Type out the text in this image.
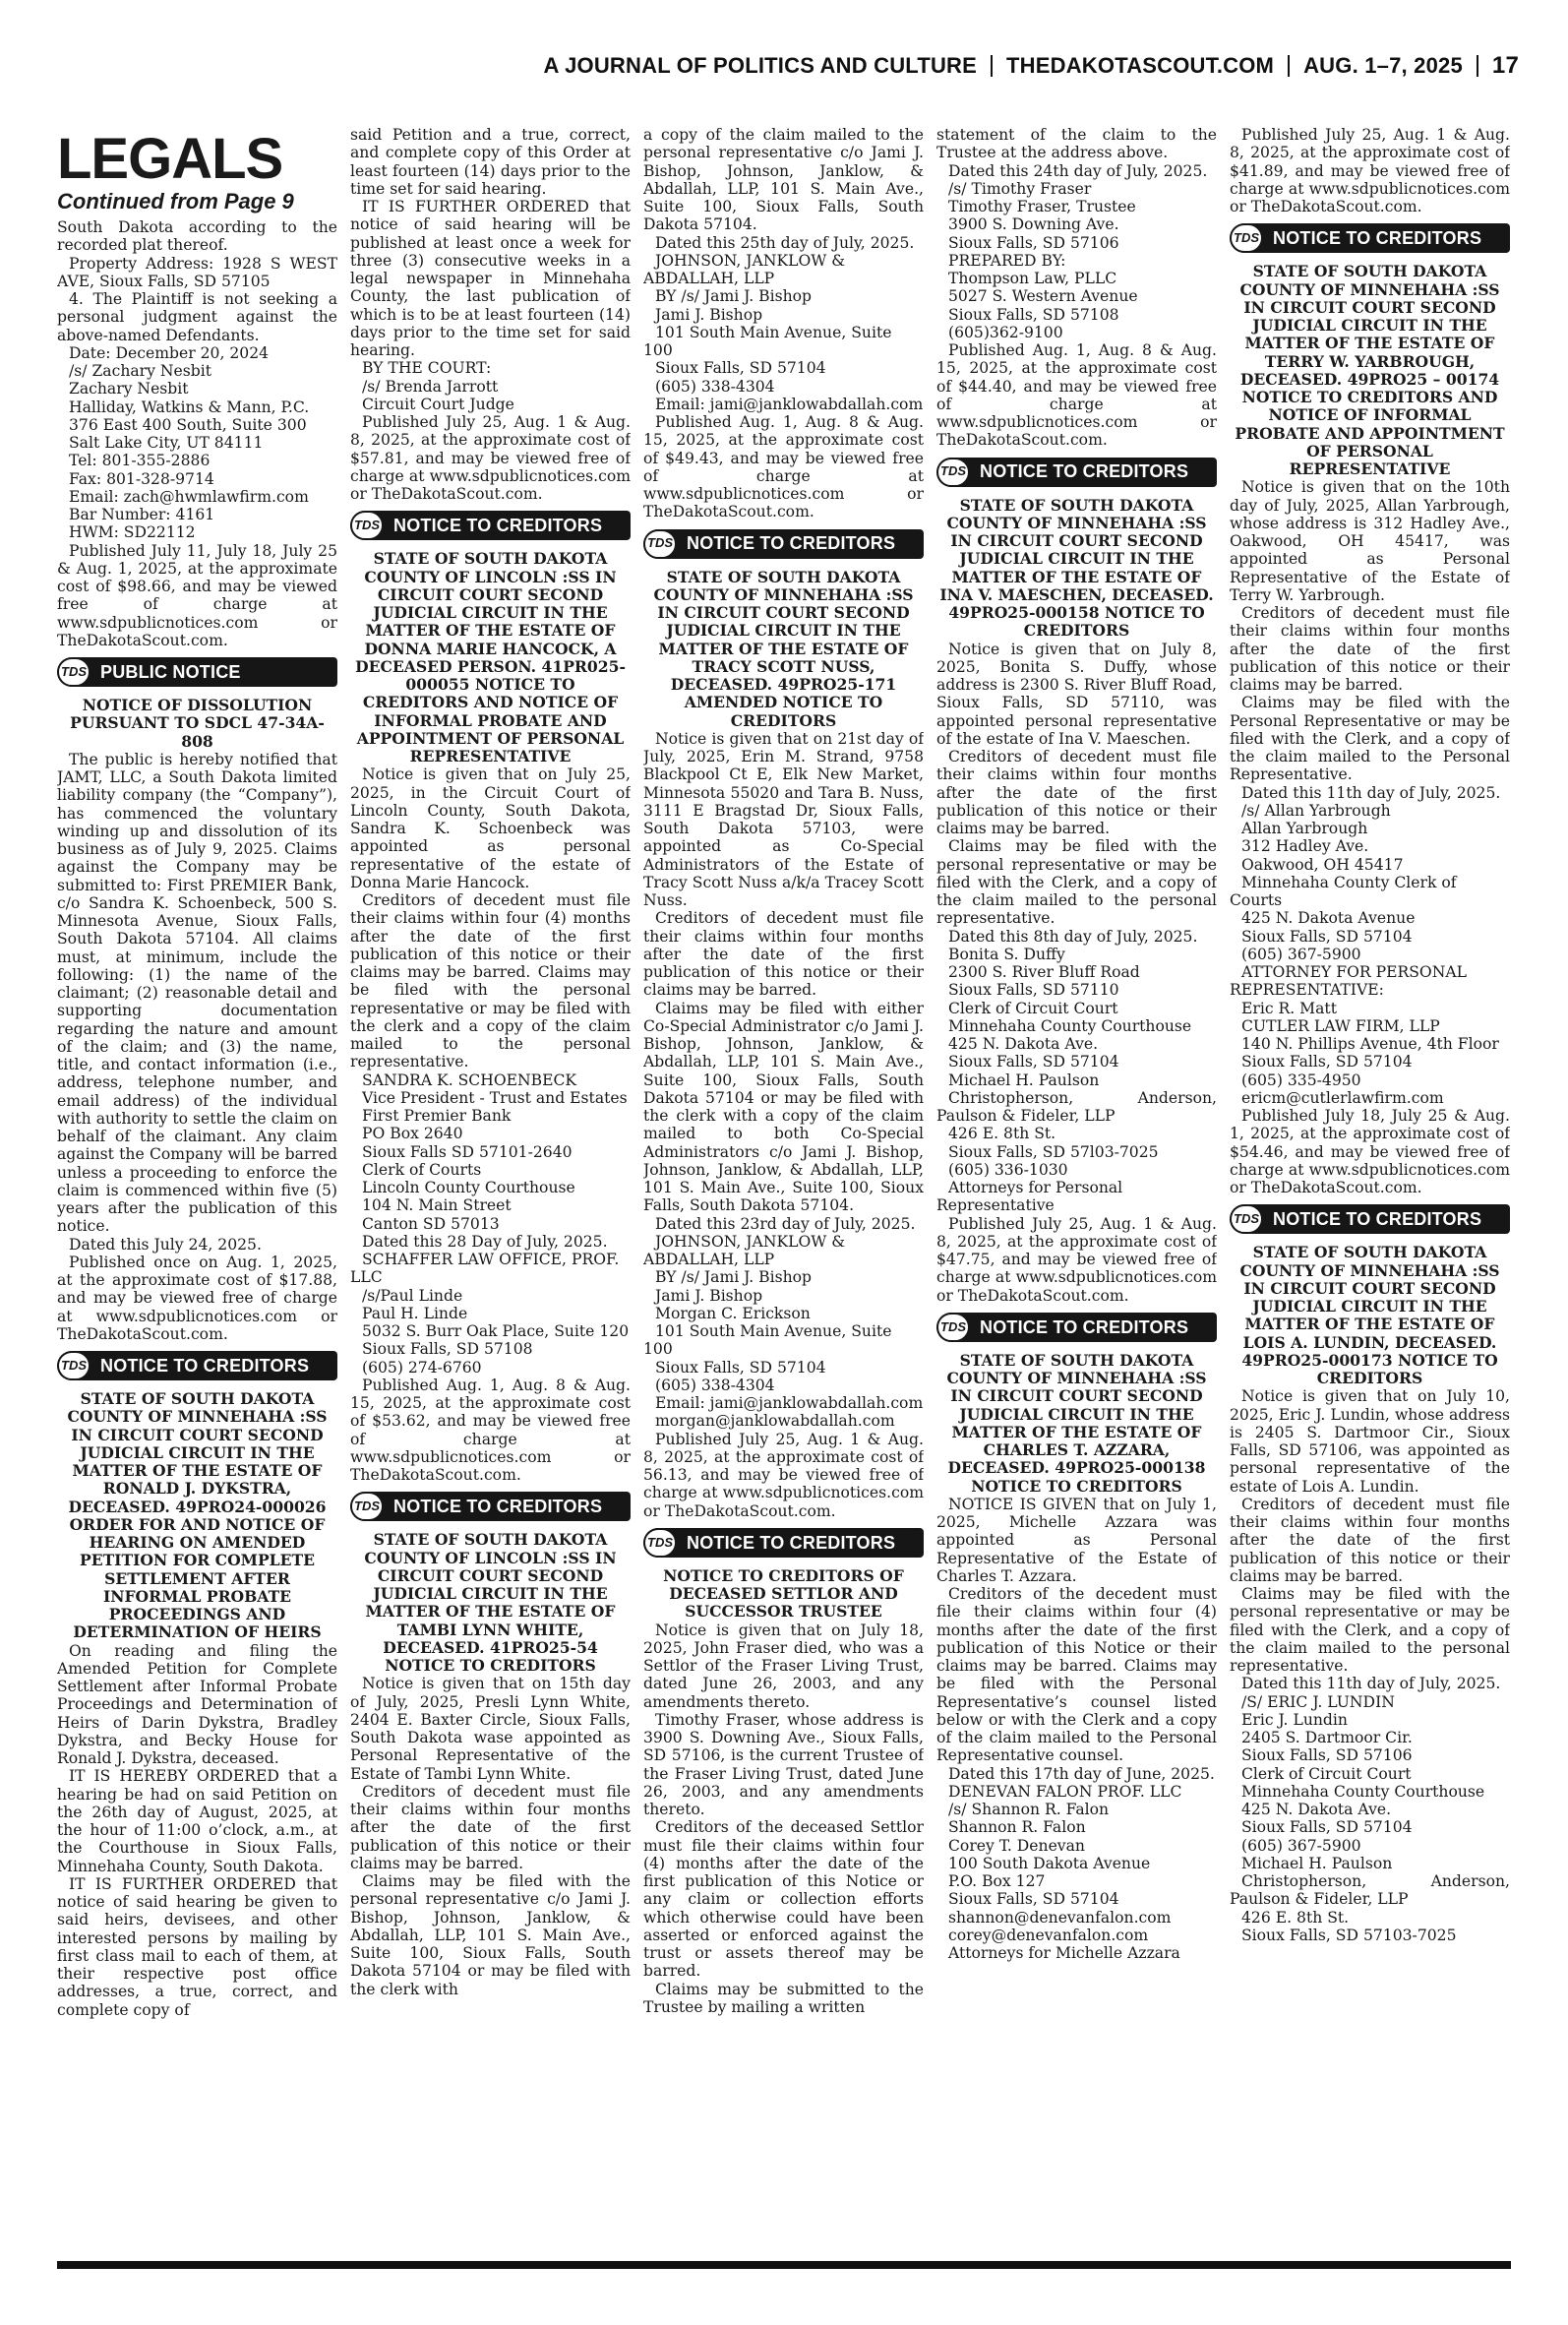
A JOURNAL OF POLITICS AND CULTURE THEDAKOTASCOUT.COM AUG. 1–7, 2025 17
LEGALS
Continued from Page 9

South Dakota according to the recorded plat thereof.

Property Address: 1928 S WEST AVE, Sioux Falls, SD 57105

4. The Plaintiff is not seeking a personal judgment against the above-named Defendants.

Date: December 20, 2024

/s/ Zachary Nesbit

Zachary Nesbit

Halliday, Watkins & Mann, P.C.

376 East 400 South, Suite 300

Salt Lake City, UT 84111

Tel: 801-355-2886

Fax: 801-328-9714

Email: zach@hwmlawfirm.com

Bar Number: 4161

HWM: SD22112

Published July 11, July 18, July 25 & Aug. 1, 2025, at the approximate cost of $98.66, and may be viewed free of charge at www.sdpublicnotices.com or TheDakotaScout.com.

TDS PUBLIC NOTICE

NOTICE OF DISSOLUTION PURSUANT TO SDCL 47-34A-808

The public is hereby notified that JAMT, LLC, a South Dakota limited liability company (the “Company”), has commenced the voluntary winding up and dissolution of its business as of July 9, 2025. Claims against the Company may be submitted to: First PREMIER Bank, c/o Sandra K. Schoenbeck, 500 S. Minnesota Avenue, Sioux Falls, South Dakota 57104. All claims must, at minimum, include the following: (1) the name of the claimant; (2) reasonable detail and supporting documentation regarding the nature and amount of the claim; and (3) the name, title, and contact information (i.e., address, telephone number, and email address) of the individual with authority to settle the claim on behalf of the claimant. Any claim against the Company will be barred unless a proceeding to enforce the claim is commenced within five (5) years after the publication of this notice.

Dated this July 24, 2025.

Published once on Aug. 1, 2025, at the approximate cost of $17.88, and may be viewed free of charge at www.sdpublicnotices.com or TheDakotaScout.com.

TDS NOTICE TO CREDITORS

STATE OF SOUTH DAKOTA COUNTY OF MINNEHAHA :SS IN CIRCUIT COURT SECOND JUDICIAL CIRCUIT IN THE MATTER OF THE ESTATE OF RONALD J. DYKSTRA, DECEASED. 49PRO24-000026 ORDER FOR AND NOTICE OF HEARING ON AMENDED PETITION FOR COMPLETE SETTLEMENT AFTER INFORMAL PROBATE PROCEEDINGS AND DETERMINATION OF HEIRS

On reading and filing the Amended Petition for Complete Settlement after Informal Probate Proceedings and Determination of Heirs of Darin Dykstra, Bradley Dykstra, and Becky House for Ronald J. Dykstra, deceased.

IT IS HEREBY ORDERED that a hearing be had on said Petition on the 26th day of August, 2025, at the hour of 11:00 o’clock, a.m., at the Courthouse in Sioux Falls, Minnehaha County, South Dakota.

IT IS FURTHER ORDERED that notice of said hearing be given to said heirs, devisees, and other interested persons by mailing by first class mail to each of them, at their respective post office addresses, a true, correct, and complete copy of

said Petition and a true, correct, and complete copy of this Order at least fourteen (14) days prior to the time set for said hearing.

IT IS FURTHER ORDERED that notice of said hearing will be published at least once a week for three (3) consecutive weeks in a legal newspaper in Minnehaha County, the last publication of which is to be at least fourteen (14) days prior to the time set for said hearing.

BY THE COURT:

/s/ Brenda Jarrott

Circuit Court Judge

Published July 25, Aug. 1 & Aug. 8, 2025, at the approximate cost of $57.81, and may be viewed free of charge at www.sdpublicnotices.com or TheDakotaScout.com.

TDS NOTICE TO CREDITORS

STATE OF SOUTH DAKOTA COUNTY OF LINCOLN :SS IN CIRCUIT COURT SECOND JUDICIAL CIRCUIT IN THE MATTER OF THE ESTATE OF DONNA MARIE HANCOCK, A DECEASED PERSON. 41PR025-000055 NOTICE TO CREDITORS AND NOTICE OF INFORMAL PROBATE AND APPOINTMENT OF PERSONAL REPRESENTATIVE

Notice is given that on July 25, 2025, in the Circuit Court of Lincoln County, South Dakota, Sandra K. Schoenbeck was appointed as personal representative of the estate of Donna Marie Hancock.

Creditors of decedent must file their claims within four (4) months after the date of the first publication of this notice or their claims may be barred. Claims may be filed with the personal representative or may be filed with the clerk and a copy of the claim mailed to the personal representative.

SANDRA K. SCHOENBECK

Vice President - Trust and Estates

First Premier Bank

PO Box 2640

Sioux Falls SD 57101-2640

Clerk of Courts

Lincoln County Courthouse

104 N. Main Street

Canton SD 57013

Dated this 28 Day of July, 2025.

SCHAFFER LAW OFFICE, PROF. LLC

/s/Paul Linde

Paul H. Linde

5032 S. Burr Oak Place, Suite 120

Sioux Falls, SD 57108

(605) 274-6760

Published Aug. 1, Aug. 8 & Aug. 15, 2025, at the approximate cost of $53.62, and may be viewed free of charge at www.sdpublicnotices.com or TheDakotaScout.com.

TDS NOTICE TO CREDITORS

STATE OF SOUTH DAKOTA COUNTY OF LINCOLN :SS IN CIRCUIT COURT SECOND JUDICIAL CIRCUIT IN THE MATTER OF THE ESTATE OF TAMBI LYNN WHITE, DECEASED. 41PRO25-54 NOTICE TO CREDITORS

Notice is given that on 15th day of July, 2025, Presli Lynn White, 2404 E. Baxter Circle, Sioux Falls, South Dakota wase appointed as Personal Representative of the Estate of Tambi Lynn White.

Creditors of decedent must file their claims within four months after the date of the first publication of this notice or their claims may be barred.

Claims may be filed with the personal representative c/o Jami J. Bishop, Johnson, Janklow, & Abdallah, LLP, 101 S. Main Ave., Suite 100, Sioux Falls, South Dakota 57104 or may be filed with the clerk with

a copy of the claim mailed to the personal representative c/o Jami J. Bishop, Johnson, Janklow, & Abdallah, LLP, 101 S. Main Ave., Suite 100, Sioux Falls, South Dakota 57104.

Dated this 25th day of July, 2025.

JOHNSON, JANKLOW & ABDALLAH, LLP

BY /s/ Jami J. Bishop

Jami J. Bishop

101 South Main Avenue, Suite 100

Sioux Falls, SD 57104

(605) 338-4304

Email: jami@janklowabdallah.com

Published Aug. 1, Aug. 8 & Aug. 15, 2025, at the approximate cost of $49.43, and may be viewed free of charge at www.sdpublicnotices.com or TheDakotaScout.com.

TDS NOTICE TO CREDITORS

STATE OF SOUTH DAKOTA COUNTY OF MINNEHAHA :SS IN CIRCUIT COURT SECOND JUDICIAL CIRCUIT IN THE MATTER OF THE ESTATE OF TRACY SCOTT NUSS, DECEASED. 49PRO25-171 AMENDED NOTICE TO CREDITORS

Notice is given that on 21st day of July, 2025, Erin M. Strand, 9758 Blackpool Ct E, Elk New Market, Minnesota 55020 and Tara B. Nuss, 3111 E Bragstad Dr, Sioux Falls, South Dakota 57103, were appointed as Co-Special Administrators of the Estate of Tracy Scott Nuss a/k/a Tracey Scott Nuss.

Creditors of decedent must file their claims within four months after the date of the first publication of this notice or their claims may be barred.

Claims may be filed with either Co-Special Administrator c/o Jami J. Bishop, Johnson, Janklow, & Abdallah, LLP, 101 S. Main Ave., Suite 100, Sioux Falls, South Dakota 57104 or may be filed with the clerk with a copy of the claim mailed to both Co-Special Administrators c/o Jami J. Bishop, Johnson, Janklow, & Abdallah, LLP, 101 S. Main Ave., Suite 100, Sioux Falls, South Dakota 57104.

Dated this 23rd day of July, 2025.

JOHNSON, JANKLOW & ABDALLAH, LLP

BY /s/ Jami J. Bishop

Jami J. Bishop

Morgan C. Erickson

101 South Main Avenue, Suite 100

Sioux Falls, SD 57104

(605) 338-4304

Email: jami@janklowabdallah.com

morgan@janklowabdallah.com

Published July 25, Aug. 1 & Aug. 8, 2025, at the approximate cost of 56.13, and may be viewed free of charge at www.sdpublicnotices.com or TheDakotaScout.com.

TDS NOTICE TO CREDITORS

NOTICE TO CREDITORS OF DECEASED SETTLOR AND SUCCESSOR TRUSTEE

Notice is given that on July 18, 2025, John Fraser died, who was a Settlor of the Fraser Living Trust, dated June 26, 2003, and any amendments thereto.

Timothy Fraser, whose address is 3900 S. Downing Ave., Sioux Falls, SD 57106, is the current Trustee of the Fraser Living Trust, dated June 26, 2003, and any amendments thereto.

Creditors of the deceased Settlor must file their claims within four (4) months after the date of the first publication of this Notice or any claim or collection efforts which otherwise could have been asserted or enforced against the trust or assets thereof may be barred.

Claims may be submitted to the Trustee by mailing a written

statement of the claim to the Trustee at the address above.

Dated this 24th day of July, 2025.

/s/ Timothy Fraser

Timothy Fraser, Trustee

3900 S. Downing Ave.

Sioux Falls, SD 57106

PREPARED BY:

Thompson Law, PLLC

5027 S. Western Avenue

Sioux Falls, SD 57108

(605)362-9100

Published Aug. 1, Aug. 8 & Aug. 15, 2025, at the approximate cost of $44.40, and may be viewed free of charge at www.sdpublicnotices.com or TheDakotaScout.com.

TDS NOTICE TO CREDITORS

STATE OF SOUTH DAKOTA COUNTY OF MINNEHAHA :SS IN CIRCUIT COURT SECOND JUDICIAL CIRCUIT IN THE MATTER OF THE ESTATE OF INA V. MAESCHEN, DECEASED. 49PRO25-000158 NOTICE TO CREDITORS

Notice is given that on July 8, 2025, Bonita S. Duffy, whose address is 2300 S. River Bluff Road, Sioux Falls, SD 57110, was appointed personal representative of the estate of Ina V. Maeschen.

Creditors of decedent must file their claims within four months after the date of the first publication of this notice or their claims may be barred.

Claims may be filed with the personal representative or may be filed with the Clerk, and a copy of the claim mailed to the personal representative.

Dated this 8th day of July, 2025.

Bonita S. Duffy

2300 S. River Bluff Road

Sioux Falls, SD 57110

Clerk of Circuit Court

Minnehaha County Courthouse

425 N. Dakota Ave.

Sioux Falls, SD 57104

Michael H. Paulson

Christopherson, Anderson, Paulson & Fideler, LLP

426 E. 8th St.

Sioux Falls, SD 57l03-7025

(605) 336-1030

Attorneys for Personal Representative

Published July 25, Aug. 1 & Aug. 8, 2025, at the approximate cost of $47.75, and may be viewed free of charge at www.sdpublicnotices.com or TheDakotaScout.com.

TDS NOTICE TO CREDITORS

STATE OF SOUTH DAKOTA COUNTY OF MINNEHAHA :SS IN CIRCUIT COURT SECOND JUDICIAL CIRCUIT IN THE MATTER OF THE ESTATE OF CHARLES T. AZZARA, DECEASED. 49PRO25-000138 NOTICE TO CREDITORS

NOTICE IS GIVEN that on July 1, 2025, Michelle Azzara was appointed as Personal Representative of the Estate of Charles T. Azzara.

Creditors of the decedent must file their claims within four (4) months after the date of the first publication of this Notice or their claims may be barred. Claims may be filed with the Personal Representative’s counsel listed below or with the Clerk and a copy of the claim mailed to the Personal Representative counsel.

Dated this 17th day of June, 2025.

DENEVAN FALON PROF. LLC

/s/ Shannon R. Falon

Shannon R. Falon

Corey T. Denevan

100 South Dakota Avenue

P.O. Box 127

Sioux Falls, SD 57104

shannon@denevanfalon.com

corey@denevanfalon.com

Attorneys for Michelle Azzara

Published July 25, Aug. 1 & Aug. 8, 2025, at the approximate cost of $41.89, and may be viewed free of charge at www.sdpublicnotices.com or TheDakotaScout.com.

TDS NOTICE TO CREDITORS

STATE OF SOUTH DAKOTA COUNTY OF MINNEHAHA :SS IN CIRCUIT COURT SECOND JUDICIAL CIRCUIT IN THE MATTER OF THE ESTATE OF TERRY W. YARBROUGH, DECEASED. 49PRO25 – 00174 NOTICE TO CREDITORS AND NOTICE OF INFORMAL PROBATE AND APPOINTMENT OF PERSONAL REPRESENTATIVE

Notice is given that on the 10th day of July, 2025, Allan Yarbrough, whose address is 312 Hadley Ave., Oakwood, OH 45417, was appointed as Personal Representative of the Estate of Terry W. Yarbrough.

Creditors of decedent must file their claims within four months after the date of the first publication of this notice or their claims may be barred.

Claims may be filed with the Personal Representative or may be filed with the Clerk, and a copy of the claim mailed to the Personal Representative.

Dated this 11th day of July, 2025.

/s/ Allan Yarbrough

Allan Yarbrough

312 Hadley Ave.

Oakwood, OH 45417

Minnehaha County Clerk of Courts

425 N. Dakota Avenue

Sioux Falls, SD 57104

(605) 367-5900

ATTORNEY FOR PERSONAL REPRESENTATIVE:

Eric R. Matt

CUTLER LAW FIRM, LLP

140 N. Phillips Avenue, 4th Floor

Sioux Falls, SD 57104

(605) 335-4950

ericm@cutlerlawfirm.com

Published July 18, July 25 & Aug. 1, 2025, at the approximate cost of $54.46, and may be viewed free of charge at www.sdpublicnotices.com or TheDakotaScout.com.

TDS NOTICE TO CREDITORS

STATE OF SOUTH DAKOTA COUNTY OF MINNEHAHA :SS IN CIRCUIT COURT SECOND JUDICIAL CIRCUIT IN THE MATTER OF THE ESTATE OF LOIS A. LUNDIN, DECEASED. 49PRO25-000173 NOTICE TO CREDITORS

Notice is given that on July 10, 2025, Eric J. Lundin, whose address is 2405 S. Dartmoor Cir., Sioux Falls, SD 57106, was appointed as personal representative of the estate of Lois A. Lundin.

Creditors of decedent must file their claims within four months after the date of the first publication of this notice or their claims may be barred.

Claims may be filed with the personal representative or may be filed with the Clerk, and a copy of the claim mailed to the personal representative.

Dated this 11th day of July, 2025.

/S/ ERIC J. LUNDIN

Eric J. Lundin

2405 S. Dartmoor Cir.

Sioux Falls, SD 57106

Clerk of Circuit Court

Minnehaha County Courthouse

425 N. Dakota Ave.

Sioux Falls, SD 57104

(605) 367-5900

Michael H. Paulson

Christopherson, Anderson, Paulson & Fideler, LLP

426 E. 8th St.

Sioux Falls, SD 57103-7025
